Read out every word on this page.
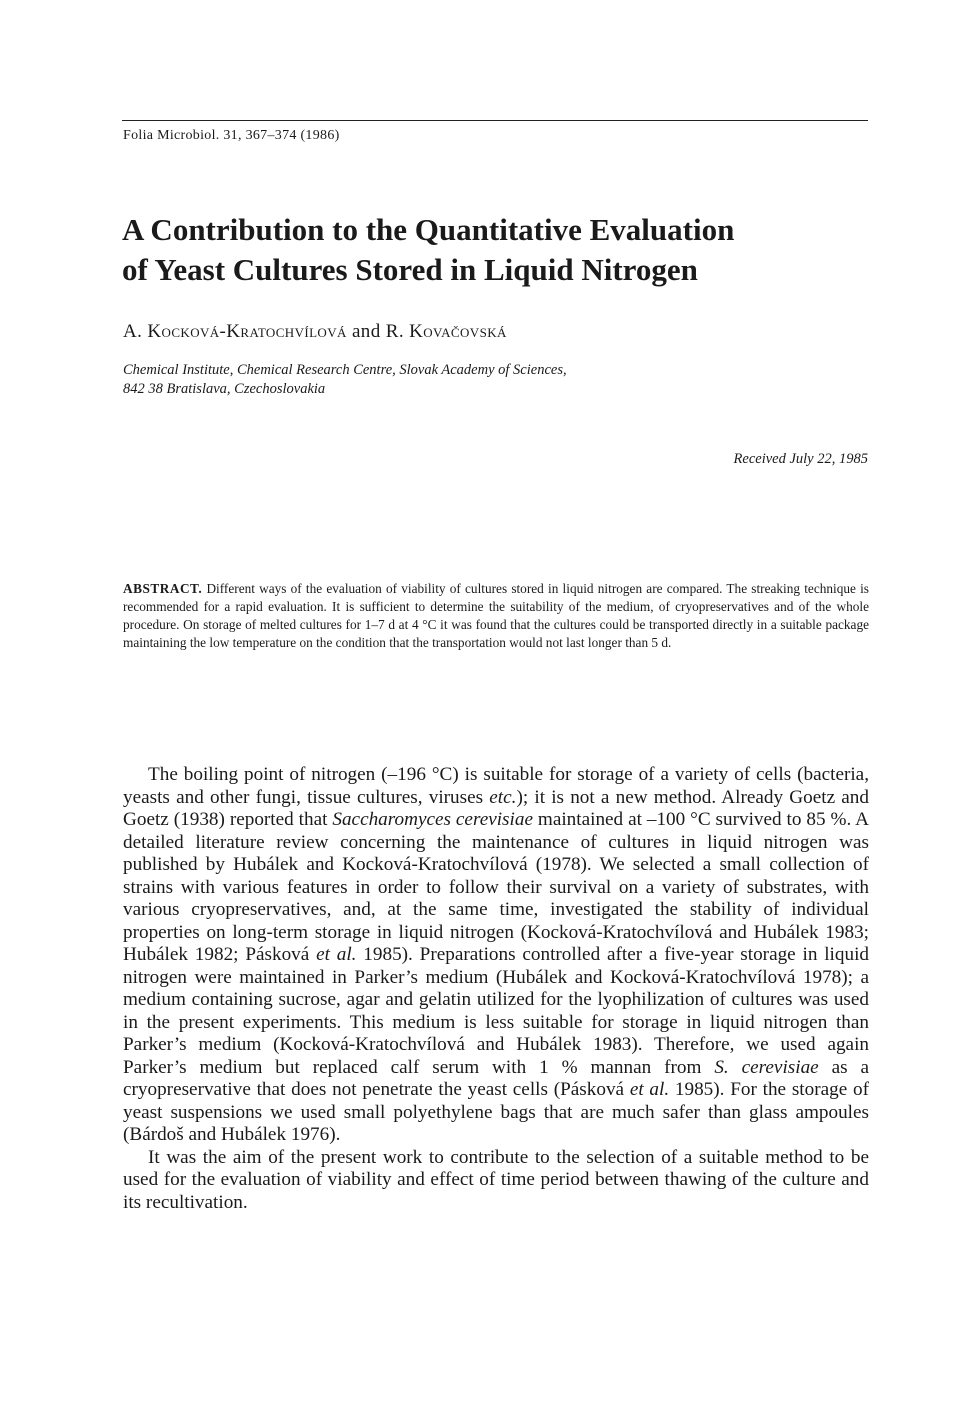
Folia Microbiol. 31, 367–374 (1986)
A Contribution to the Quantitative Evaluation
of Yeast Cultures Stored in Liquid Nitrogen
A. Kocková-Kratochvílová and R. Kovačovská
Chemical Institute, Chemical Research Centre, Slovak Academy of Sciences,
842 38 Bratislava, Czechoslovakia
Received July 22, 1985

ABSTRACT. Different ways of the evaluation of viability of cultures stored in liquid nitrogen are compared. The streaking technique is recommended for a rapid evaluation. It is sufficient to determine the suitability of the medium, of cryopreservatives and of the whole procedure. On storage of melted cultures for 1–7 d at 4 °C it was found that the cultures could be transported directly in a suitable package maintaining the low temperature on the condition that the transportation would not last longer than 5 d.

The boiling point of nitrogen (–196 °C) is suitable for storage of a variety of cells (bacteria, yeasts and other fungi, tissue cultures, viruses etc.); it is not a new method. Already Goetz and Goetz (1938) reported that Saccharomyces cerevisiae maintained at –100 °C survived to 85 %. A detailed literature review concerning the maintenance of cultures in liquid nitrogen was published by Hubálek and Kocková-Kratochvílová (1978). We selected a small collection of strains with various features in order to follow their survival on a variety of substrates, with various cryopreservatives, and, at the same time, investigated the stability of individual properties on long-term storage in liquid nitrogen (Kocková-Kratochvílová and Hubálek 1983; Hubálek 1982; Pásková et al. 1985). Preparations controlled after a five-year storage in liquid nitrogen were maintained in Parker’s medium (Hubálek and Kocková-Kratochvílová 1978); a medium containing sucrose, agar and gelatin utilized for the lyophilization of cultures was used in the present experiments. This medium is less suitable for storage in liquid nitrogen than Parker’s medium (Kocková-Kratochvílová and Hubálek 1983). Therefore, we used again Parker’s medium but replaced calf serum with 1 % mannan from S. cerevisiae as a cryopreservative that does not penetrate the yeast cells (Pásková et al. 1985). For the storage of yeast suspensions we used small polyethylene bags that are much safer than glass ampoules (Bárdoš and Hubálek 1976).

It was the aim of the present work to contribute to the selection of a suitable method to be used for the evaluation of viability and effect of time period between thawing of the culture and its recultivation.
